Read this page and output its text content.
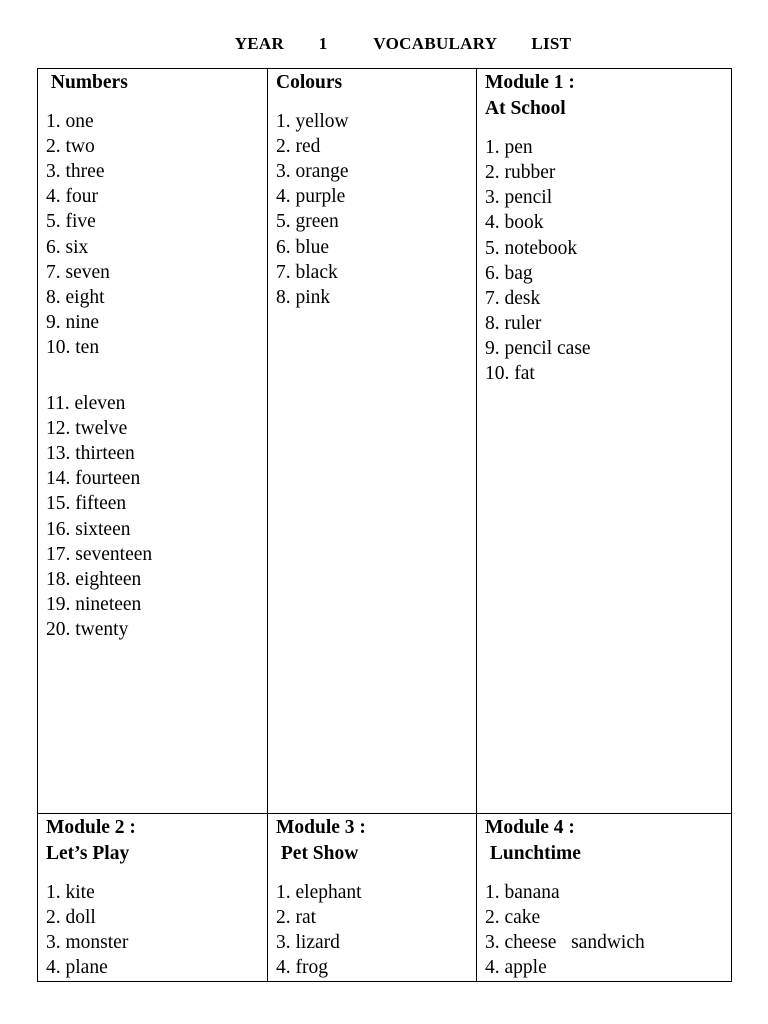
YEAR   1    VOCABULARY   LIST
Numbers
1. one
2. two
3. three
4. four
5. five
6. six
7. seven
8. eight
9. nine
10. ten
11. eleven
12. twelve
13. thirteen
14. fourteen
15. fifteen
16. sixteen
17. seventeen
18. eighteen
19. nineteen
20. twenty
Colours
1. yellow
2. red
3. orange
4. purple
5. green
6. blue
7. black
8. pink
Module 1 :
At School
1. pen
2. rubber
3. pencil
4. book
5. notebook
6. bag
7. desk
8. ruler
9. pencil case
10. fat
Module 2 :
Let’s Play
1. kite
2. doll
3. monster
4. plane
Module 3 :
Pet Show
1. elephant
2. rat
3. lizard
4. frog
Module 4 :
Lunchtime
1. banana
2. cake
3. cheese   sandwich
4. apple
